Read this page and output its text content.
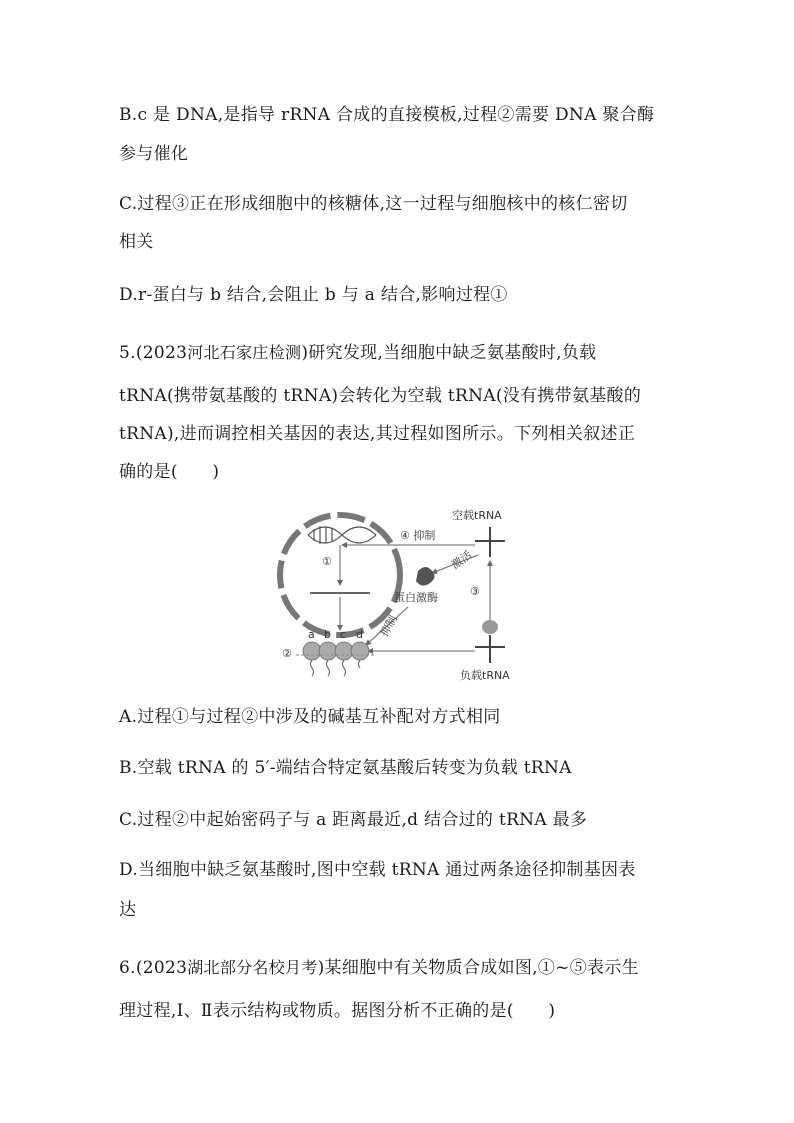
B.c 是 DNA,是指导 rRNA 合成的直接模板,过程②需要 DNA 聚合酶
参与催化
C.过程③正在形成细胞中的核糖体,这一过程与细胞核中的核仁密切
相关
D.r-蛋白与 b 结合,会阻止 b 与 a 结合,影响过程①
5.(2023河北石家庄检测)研究发现,当细胞中缺乏氨基酸时,负载
tRNA(携带氨基酸的 tRNA)会转化为空载 tRNA(没有携带氨基酸的
tRNA),进而调控相关基因的表达,其过程如图所示。下列相关叙述正
确的是(　　)
①
空载tRNA
④ 抑制
激活
蛋白激酶
抑制
③
负载tRNA
a b c d
②
A.过程①与过程②中涉及的碱基互补配对方式相同
B.空载 tRNA 的 5′-端结合特定氨基酸后转变为负载 tRNA
C.过程②中起始密码子与 a 距离最近,d 结合过的 tRNA 最多
D.当细胞中缺乏氨基酸时,图中空载 tRNA 通过两条途径抑制基因表
达
6.(2023湖北部分名校月考)某细胞中有关物质合成如图,①~⑤表示生
理过程,Ⅰ、Ⅱ表示结构或物质。据图分析不正确的是(　　)
